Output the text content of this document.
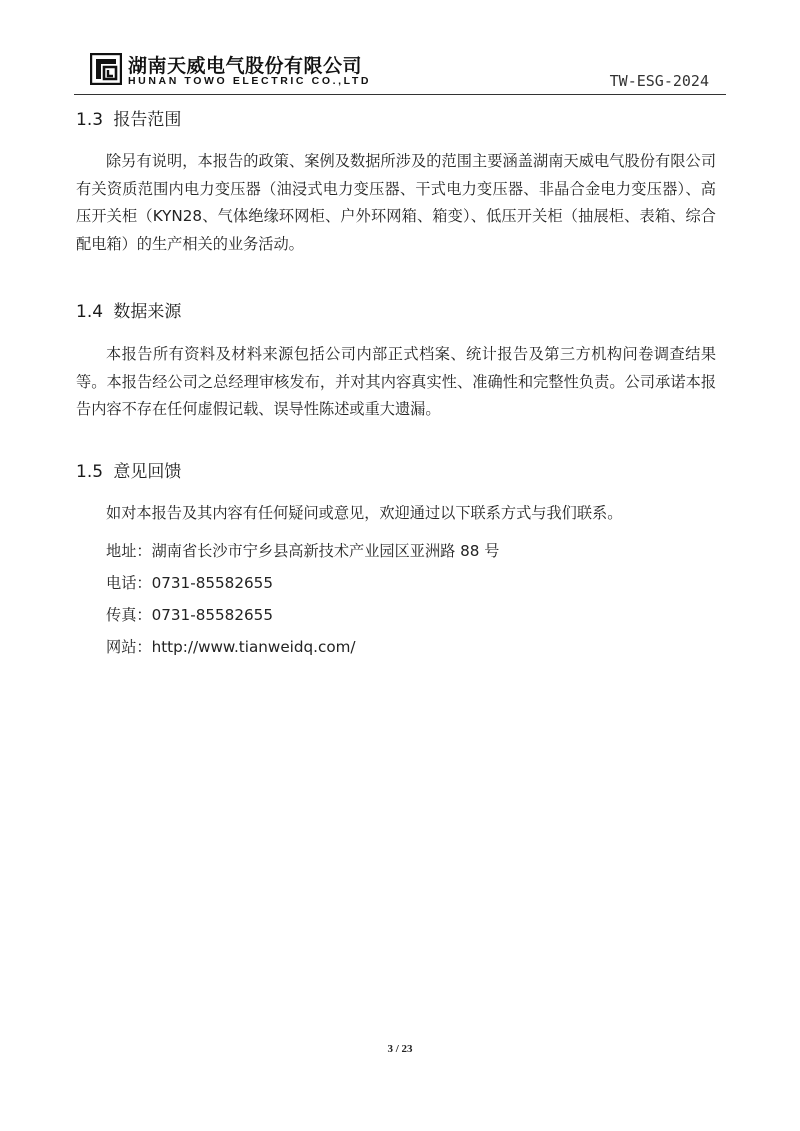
湖南天威电气股份有限公司
HUNAN TOWO ELECTRIC CO.,LTD	TW-ESG-2024
1.3 报告范围

除另有说明，本报告的政策、案例及数据所涉及的范围主要涵盖湖南天威电气股份有限公司有关资质范围内电力变压器（油浸式电力变压器、干式电力变压器、非晶合金电力变压器）、高压开关柜（KYN28、气体绝缘环网柜、户外环网箱、箱变）、低压开关柜（抽展柜、表箱、综合配电箱）的生产相关的业务活动。

1.4 数据来源

本报告所有资料及材料来源包括公司内部正式档案、统计报告及第三方机构问卷调查结果等。本报告经公司之总经理审核发布，并对其内容真实性、准确性和完整性负责。公司承诺本报告内容不存在任何虚假记载、误导性陈述或重大遗漏。

1.5 意见回馈

如对本报告及其内容有任何疑问或意见，欢迎通过以下联系方式与我们联系。

地址：湖南省长沙市宁乡县高新技术产业园区亚洲路 88 号
电话：0731-85582655
传真：0731-85582655
网站：http://www.tianweidq.com/
3 / 23
